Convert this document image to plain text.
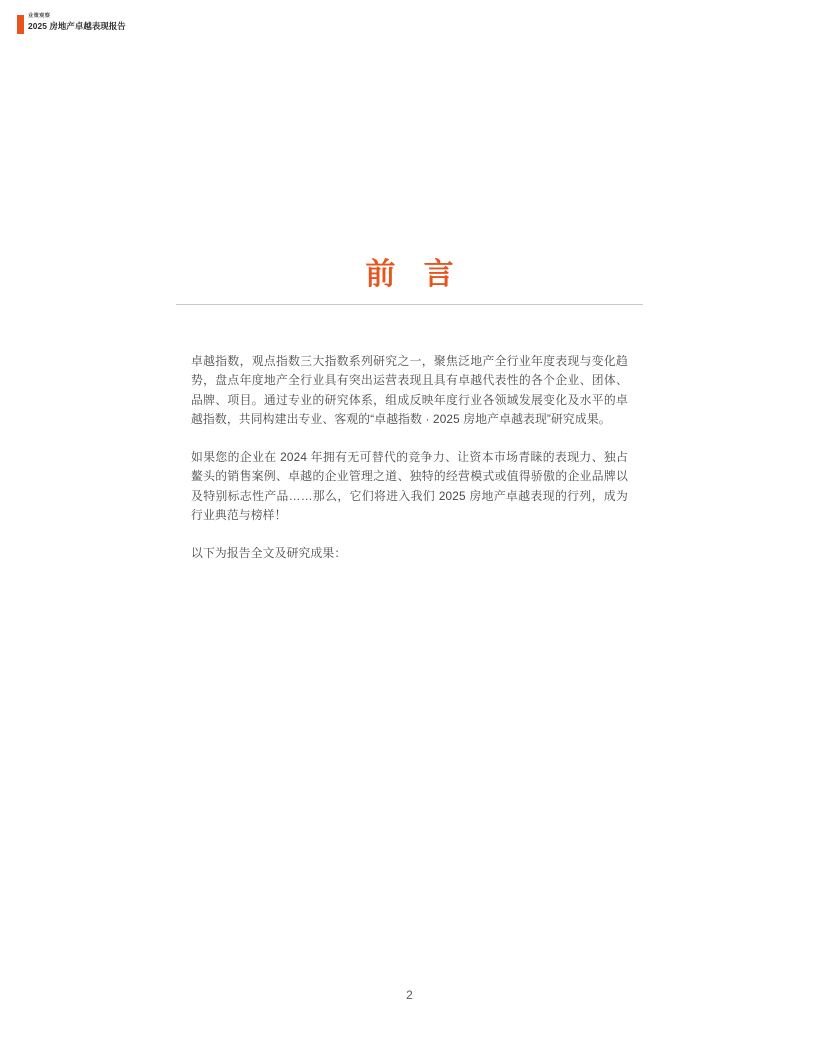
业策观察
2025 房地产卓越表现报告
前 言

卓越指数，观点指数三大指数系列研究之一，聚焦泛地产全行业年度表现与变化趋势，盘点年度地产全行业具有突出运营表现且具有卓越代表性的各个企业、团体、品牌、项目。通过专业的研究体系，组成反映年度行业各领域发展变化及水平的卓越指数，共同构建出专业、客观的“卓越指数 · 2025 房地产卓越表现”研究成果。

如果您的企业在 2024 年拥有无可替代的竞争力、让资本市场青睐的表现力、独占鳌头的销售案例、卓越的企业管理之道、独特的经营模式或值得骄傲的企业品牌以及特别标志性产品……那么，它们将进入我们 2025 房地产卓越表现的行列，成为行业典范与榜样！

以下为报告全文及研究成果：

2
